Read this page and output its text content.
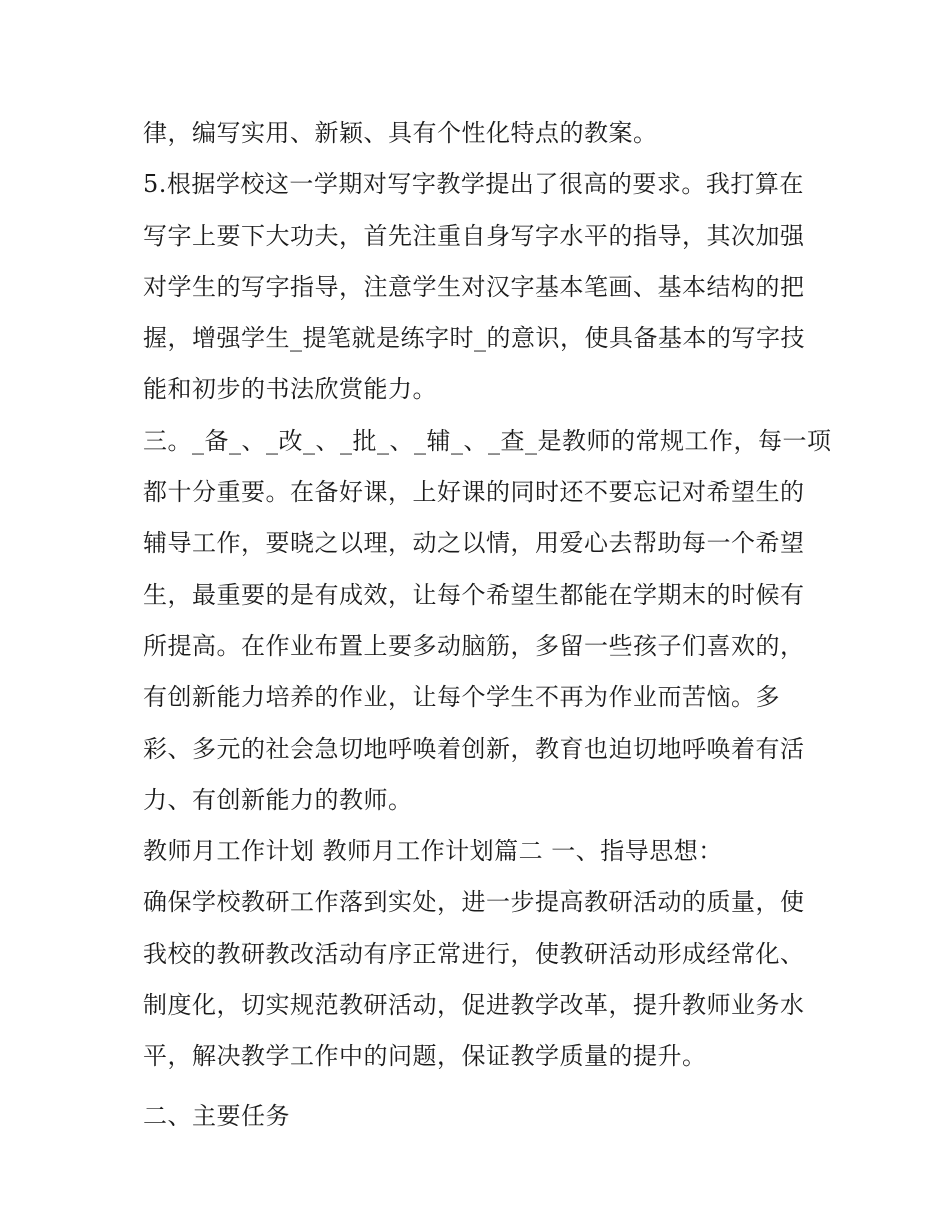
律，编写实用、新颖、具有个性化特点的教案。
5.根据学校这一学期对写字教学提出了很高的要求。我打算在
写字上要下大功夫，首先注重自身写字水平的指导，其次加强
对学生的写字指导，注意学生对汉字基本笔画、基本结构的把
握，增强学生_提笔就是练字时_的意识，使具备基本的写字技
能和初步的书法欣赏能力。
三。_备_、_改_、_批_、_辅_、_查_是教师的常规工作，每一项
都十分重要。在备好课，上好课的同时还不要忘记对希望生的
辅导工作，要晓之以理，动之以情，用爱心去帮助每一个希望
生，最重要的是有成效，让每个希望生都能在学期末的时候有
所提高。在作业布置上要多动脑筋，多留一些孩子们喜欢的，
有创新能力培养的作业，让每个学生不再为作业而苦恼。多
彩、多元的社会急切地呼唤着创新，教育也迫切地呼唤着有活
力、有创新能力的教师。
教师月工作计划 教师月工作计划篇二 一、指导思想：
确保学校教研工作落到实处，进一步提高教研活动的质量，使
我校的教研教改活动有序正常进行，使教研活动形成经常化、
制度化，切实规范教研活动，促进教学改革，提升教师业务水
平，解决教学工作中的问题，保证教学质量的提升。
二、主要任务
